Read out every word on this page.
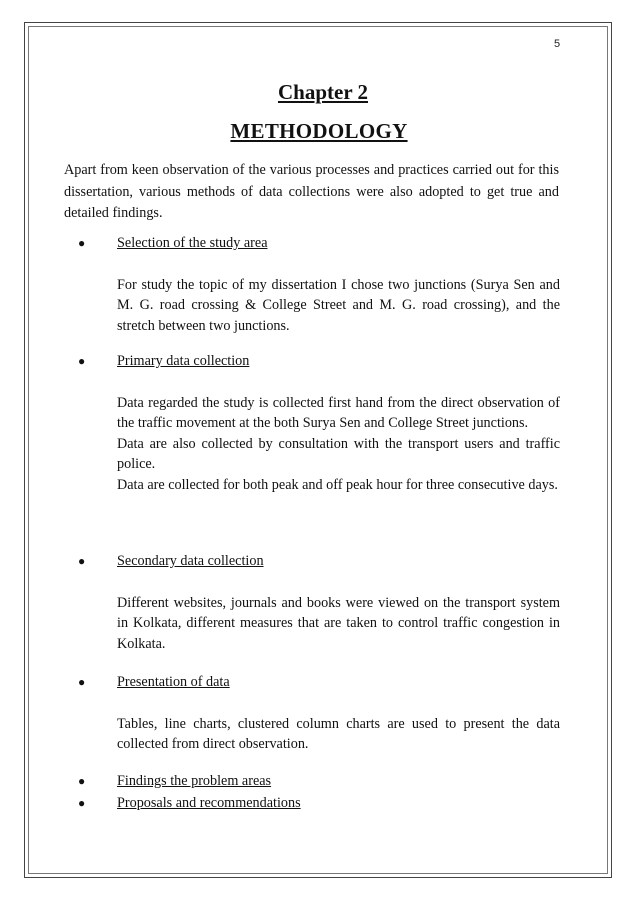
5
Chapter 2
METHODOLOGY

Apart from keen observation of the various processes and practices carried out for this dissertation, various methods of data collections were also adopted to get true and detailed findings.

● Selection of the study area

For study the topic of my dissertation I chose two junctions (Surya Sen and M. G. road crossing & College Street and M. G. road crossing), and the stretch between two junctions.

● Primary data collection

Data regarded the study is collected first hand from the direct observation of the traffic movement at the both Surya Sen and College Street junctions.

Data are also collected by consultation with the transport users and traffic police.

Data are collected for both peak and off peak hour for three consecutive days.

● Secondary data collection

Different websites, journals and books were viewed on the transport system in Kolkata, different measures that are taken to control traffic congestion in Kolkata.

● Presentation of data

Tables, line charts, clustered column charts are used to present the data collected from direct observation.

● Findings the problem areas
● Proposals and recommendations
